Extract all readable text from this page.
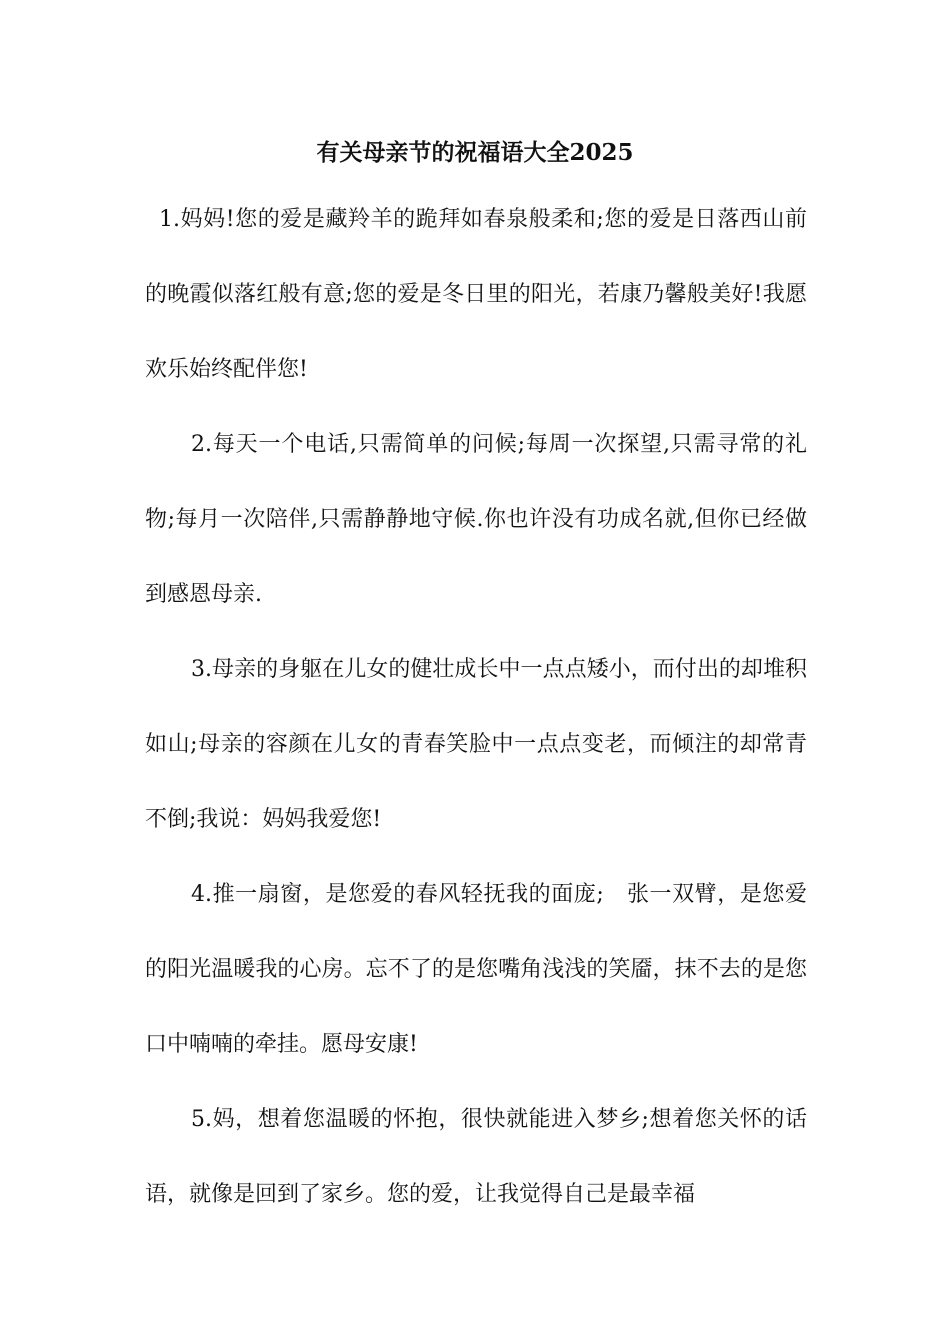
有关母亲节的祝福语大全2025

1.妈妈!您的爱是藏羚羊的跪拜如春泉般柔和;您的爱是日落西山前的晚霞似落红般有意;您的爱是冬日里的阳光，若康乃馨般美好!我愿欢乐始终配伴您!

2.每天一个电话,只需简单的问候;每周一次探望,只需寻常的礼物;每月一次陪伴,只需静静地守候.你也许没有功成名就,但你已经做到感恩母亲.

3.母亲的身躯在儿女的健壮成长中一点点矮小，而付出的却堆积如山;母亲的容颜在儿女的青春笑脸中一点点变老，而倾注的却常青不倒;我说：妈妈我爱您!

4.推一扇窗，是您爱的春风轻抚我的面庞;　张一双臂，是您爱的阳光温暖我的心房。忘不了的是您嘴角浅浅的笑靥，抹不去的是您口中喃喃的牵挂。愿母安康!

5.妈，想着您温暖的怀抱，很快就能进入梦乡;想着您关怀的话语，就像是回到了家乡。您的爱，让我觉得自己是最幸福
